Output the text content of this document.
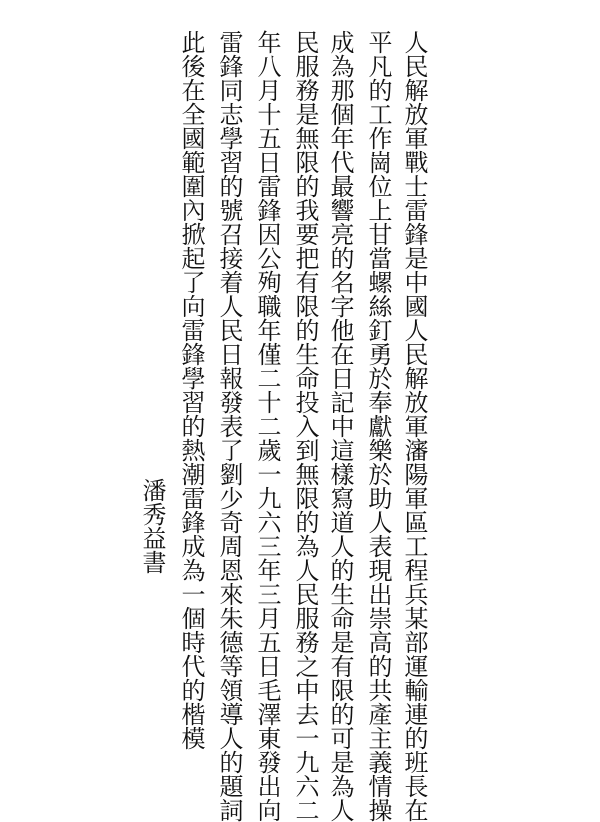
人民解放軍戰士雷鋒是中國人民解放軍瀋陽軍區工程兵某部運輸連的班長在
平凡的工作崗位上甘當螺絲釘勇於奉獻樂於助人表現出崇高的共產主義情操
成為那個年代最響亮的名字他在日記中這樣寫道人的生命是有限的可是為人
民服務是無限的我要把有限的生命投入到無限的為人民服務之中去一九六二
年八月十五日雷鋒因公殉職年僅二十二歲一九六三年三月五日毛澤東發出向
雷鋒同志學習的號召接着人民日報發表了劉少奇周恩來朱德等領導人的題詞
此後在全國範圍內掀起了向雷鋒學習的熱潮雷鋒成為一個時代的楷模
潘秀益書
